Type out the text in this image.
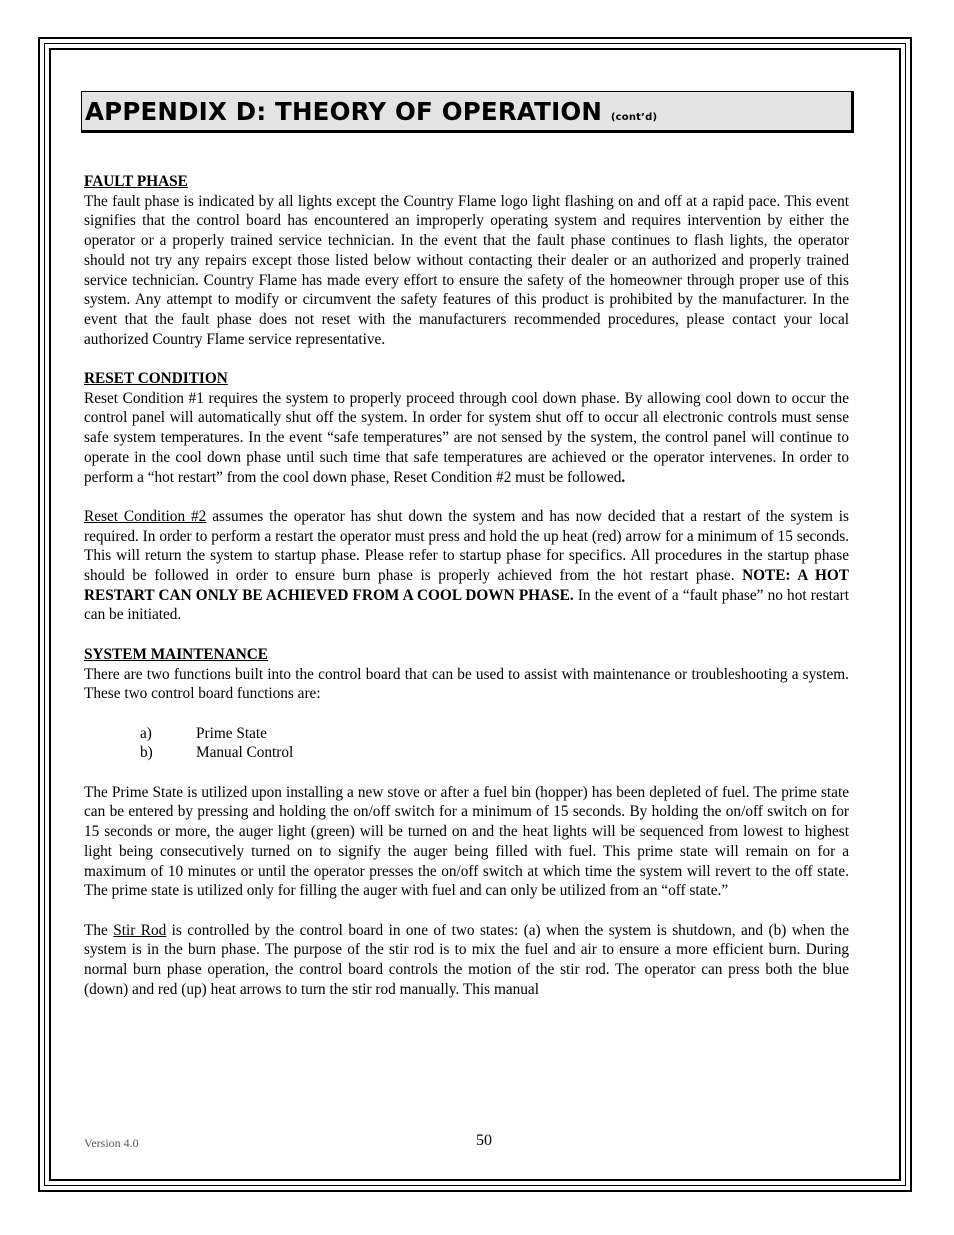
APPENDIX D: THEORY OF OPERATION (cont’d)
FAULT PHASE

The fault phase is indicated by all lights except the Country Flame logo light flashing on and off at a rapid pace. This event signifies that the control board has encountered an improperly operating system and requires intervention by either the operator or a properly trained service technician. In the event that the fault phase continues to flash lights, the operator should not try any repairs except those listed below without contacting their dealer or an authorized and properly trained service technician. Country Flame has made every effort to ensure the safety of the homeowner through proper use of this system. Any attempt to modify or circumvent the safety features of this product is prohibited by the manufacturer. In the event that the fault phase does not reset with the manufacturers recommended procedures, please contact your local authorized Country Flame service representative.

RESET CONDITION

Reset Condition #1 requires the system to properly proceed through cool down phase. By allowing cool down to occur the control panel will automatically shut off the system. In order for system shut off to occur all electronic controls must sense safe system temperatures. In the event “safe temperatures” are not sensed by the system, the control panel will continue to operate in the cool down phase until such time that safe temperatures are achieved or the operator intervenes. In order to perform a “hot restart” from the cool down phase, Reset Condition #2 must be followed.

Reset Condition #2 assumes the operator has shut down the system and has now decided that a restart of the system is required. In order to perform a restart the operator must press and hold the up heat (red) arrow for a minimum of 15 seconds. This will return the system to startup phase. Please refer to startup phase for specifics. All procedures in the startup phase should be followed in order to ensure burn phase is properly achieved from the hot restart phase. NOTE: A HOT RESTART CAN ONLY BE ACHIEVED FROM A COOL DOWN PHASE. In the event of a “fault phase” no hot restart can be initiated.

SYSTEM MAINTENANCE

There are two functions built into the control board that can be used to assist with maintenance or troubleshooting a system. These two control board functions are:

a)	Prime State
b)	Manual Control

The Prime State is utilized upon installing a new stove or after a fuel bin (hopper) has been depleted of fuel. The prime state can be entered by pressing and holding the on/off switch for a minimum of 15 seconds. By holding the on/off switch on for 15 seconds or more, the auger light (green) will be turned on and the heat lights will be sequenced from lowest to highest light being consecutively turned on to signify the auger being filled with fuel. This prime state will remain on for a maximum of 10 minutes or until the operator presses the on/off switch at which time the system will revert to the off state. The prime state is utilized only for filling the auger with fuel and can only be utilized from an “off state.”

The Stir Rod is controlled by the control board in one of two states: (a) when the system is shutdown, and (b) when the system is in the burn phase. The purpose of the stir rod is to mix the fuel and air to ensure a more efficient burn. During normal burn phase operation, the control board controls the motion of the stir rod. The operator can press both the blue (down) and red (up) heat arrows to turn the stir rod manually. This manual

Version 4.0	50
